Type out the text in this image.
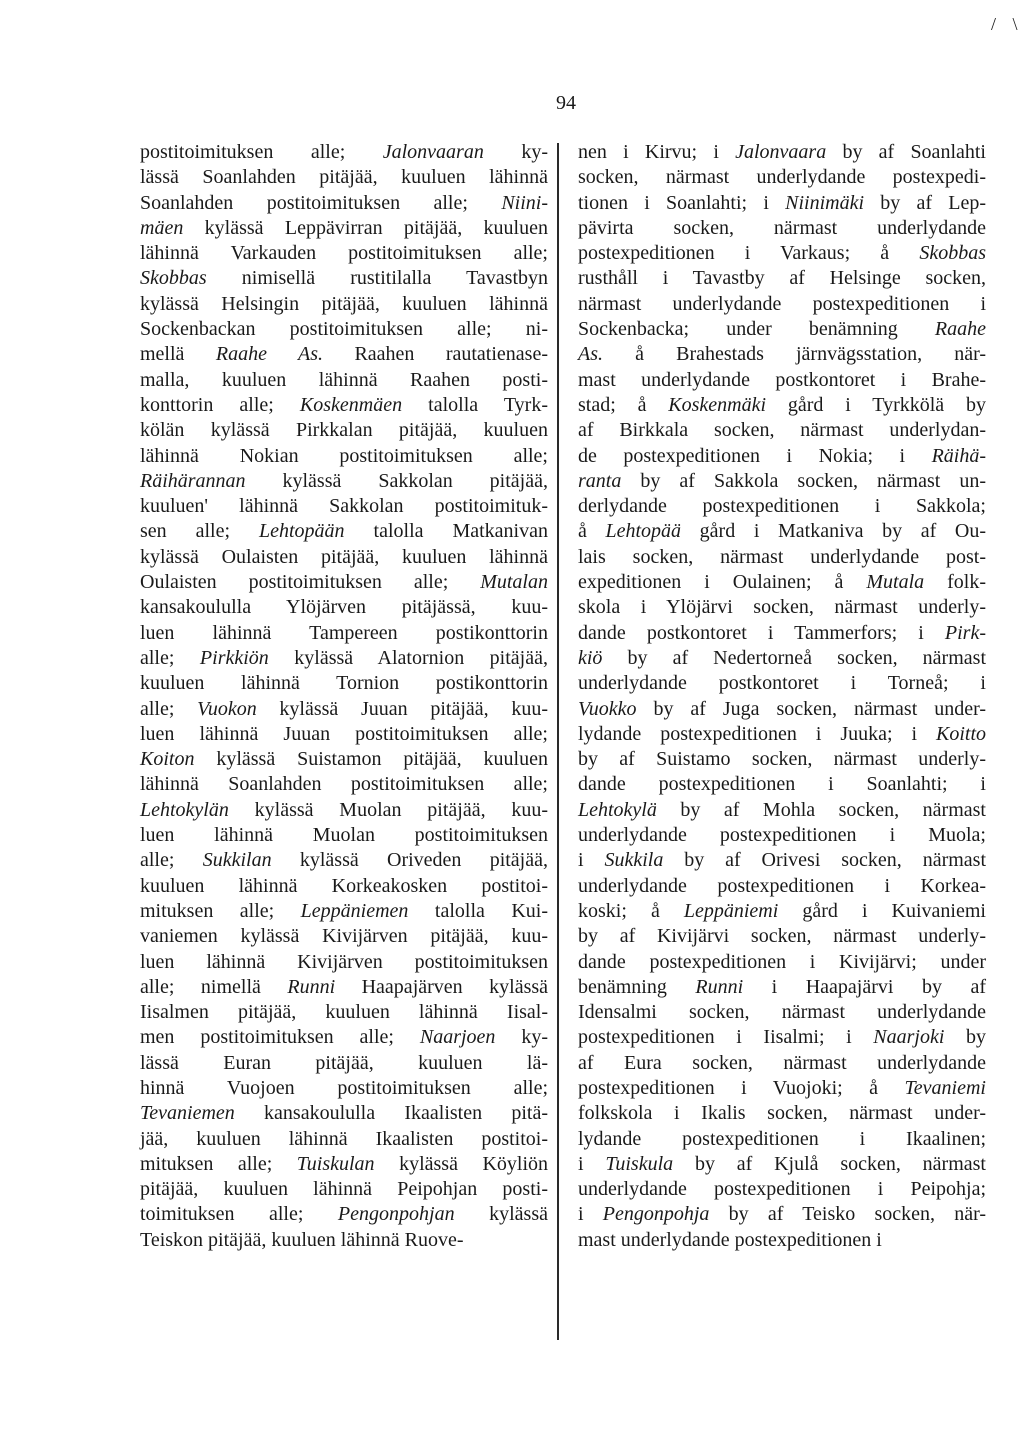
/ \
94
postitoimituksen alle; Jalonvaaran ky-
lässä Soanlahden pitäjää, kuuluen lähinnä
Soanlahden postitoimituksen alle; Niini-
mäen kylässä Leppävirran pitäjää, kuuluen
lähinnä Varkauden postitoimituksen alle;
Skobbas nimisellä rustitilalla Tavastbyn
kylässä Helsingin pitäjää, kuuluen lähinnä
Sockenbackan postitoimituksen alle; ni-
mellä Raahe As. Raahen rautatienase-
malla, kuuluen lähinnä Raahen posti-
konttorin alle; Koskenmäen talolla Tyrk-
kölän kylässä Pirkkalan pitäjää, kuuluen
lähinnä Nokian postitoimituksen alle;
Räihärannan kylässä Sakkolan pitäjää,
kuuluen' lähinnä Sakkolan postitoimituk-
sen alle; Lehtopään talolla Matkanivan
kylässä Oulaisten pitäjää, kuuluen lähinnä
Oulaisten postitoimituksen alle; Mutalan
kansakoululla Ylöjärven pitäjässä, kuu-
luen lähinnä Tampereen postikonttorin
alle; Pirkkiön kylässä Alatornion pitäjää,
kuuluen lähinnä Tornion postikonttorin
alle; Vuokon kylässä Juuan pitäjää, kuu-
luen lähinnä Juuan postitoimituksen alle;
Koiton kylässä Suistamon pitäjää, kuuluen
lähinnä Soanlahden postitoimituksen alle;
Lehtokylän kylässä Muolan pitäjää, kuu-
luen lähinnä Muolan postitoimituksen
alle; Sukkilan kylässä Oriveden pitäjää,
kuuluen lähinnä Korkeakosken postitoi-
mituksen alle; Leppäniemen talolla Kui-
vaniemen kylässä Kivijärven pitäjää, kuu-
luen lähinnä Kivijärven postitoimituksen
alle; nimellä Runni Haapajärven kylässä
Iisalmen pitäjää, kuuluen lähinnä Iisal-
men postitoimituksen alle; Naarjoen ky-
lässä Euran pitäjää, kuuluen lä-
hinnä Vuojoen postitoimituksen alle;
Tevaniemen kansakoululla Ikaalisten pitä-
jää, kuuluen lähinnä Ikaalisten postitoi-
mituksen alle; Tuiskulan kylässä Köyliön
pitäjää, kuuluen lähinnä Peipohjan posti-
toimituksen alle; Pengonpohjan kylässä
Teiskon pitäjää, kuuluen lähinnä Ruove-
nen i Kirvu; i Jalonvaara by af Soanlahti
socken, närmast underlydande postexpedi-
tionen i Soanlahti; i Niinimäki by af Lep-
pävirta socken, närmast underlydande
postexpeditionen i Varkaus; å Skobbas
rusthåll i Tavastby af Helsinge socken,
närmast underlydande postexpeditionen i
Sockenbacka; under benämning Raahe
As. å Brahestads järnvägsstation, när-
mast underlydande postkontoret i Brahe-
stad; å Koskenmäki gård i Tyrkkölä by
af Birkkala socken, närmast underlydan-
de postexpeditionen i Nokia; i Räihä-
ranta by af Sakkola socken, närmast un-
derlydande postexpeditionen i Sakkola;
å Lehtopää gård i Matkaniva by af Ou-
lais socken, närmast underlydande post-
expeditionen i Oulainen; å Mutala folk-
skola i Ylöjärvi socken, närmast underly-
dande postkontoret i Tammerfors; i Pirk-
kiö by af Nedertorneå socken, närmast
underlydande postkontoret i Torneå; i
Vuokko by af Juga socken, närmast under-
lydande postexpeditionen i Juuka; i Koitto
by af Suistamo socken, närmast underly-
dande postexpeditionen i Soanlahti; i
Lehtokylä by af Mohla socken, närmast
underlydande postexpeditionen i Muola;
i Sukkila by af Orivesi socken, närmast
underlydande postexpeditionen i Korkea-
koski; å Leppäniemi gård i Kuivaniemi
by af Kivijärvi socken, närmast underly-
dande postexpeditionen i Kivijärvi; under
benämning Runni i Haapajärvi by af
Idensalmi socken, närmast underlydande
postexpeditionen i Iisalmi; i Naarjoki by
af Eura socken, närmast underlydande
postexpeditionen i Vuojoki; å Tevaniemi
folkskola i Ikalis socken, närmast under-
lydande postexpeditionen i Ikaalinen;
i Tuiskula by af Kjulå socken, närmast
underlydande postexpeditionen i Peipohja;
i Pengonpohja by af Teisko socken, när-
mast underlydande postexpeditionen i
